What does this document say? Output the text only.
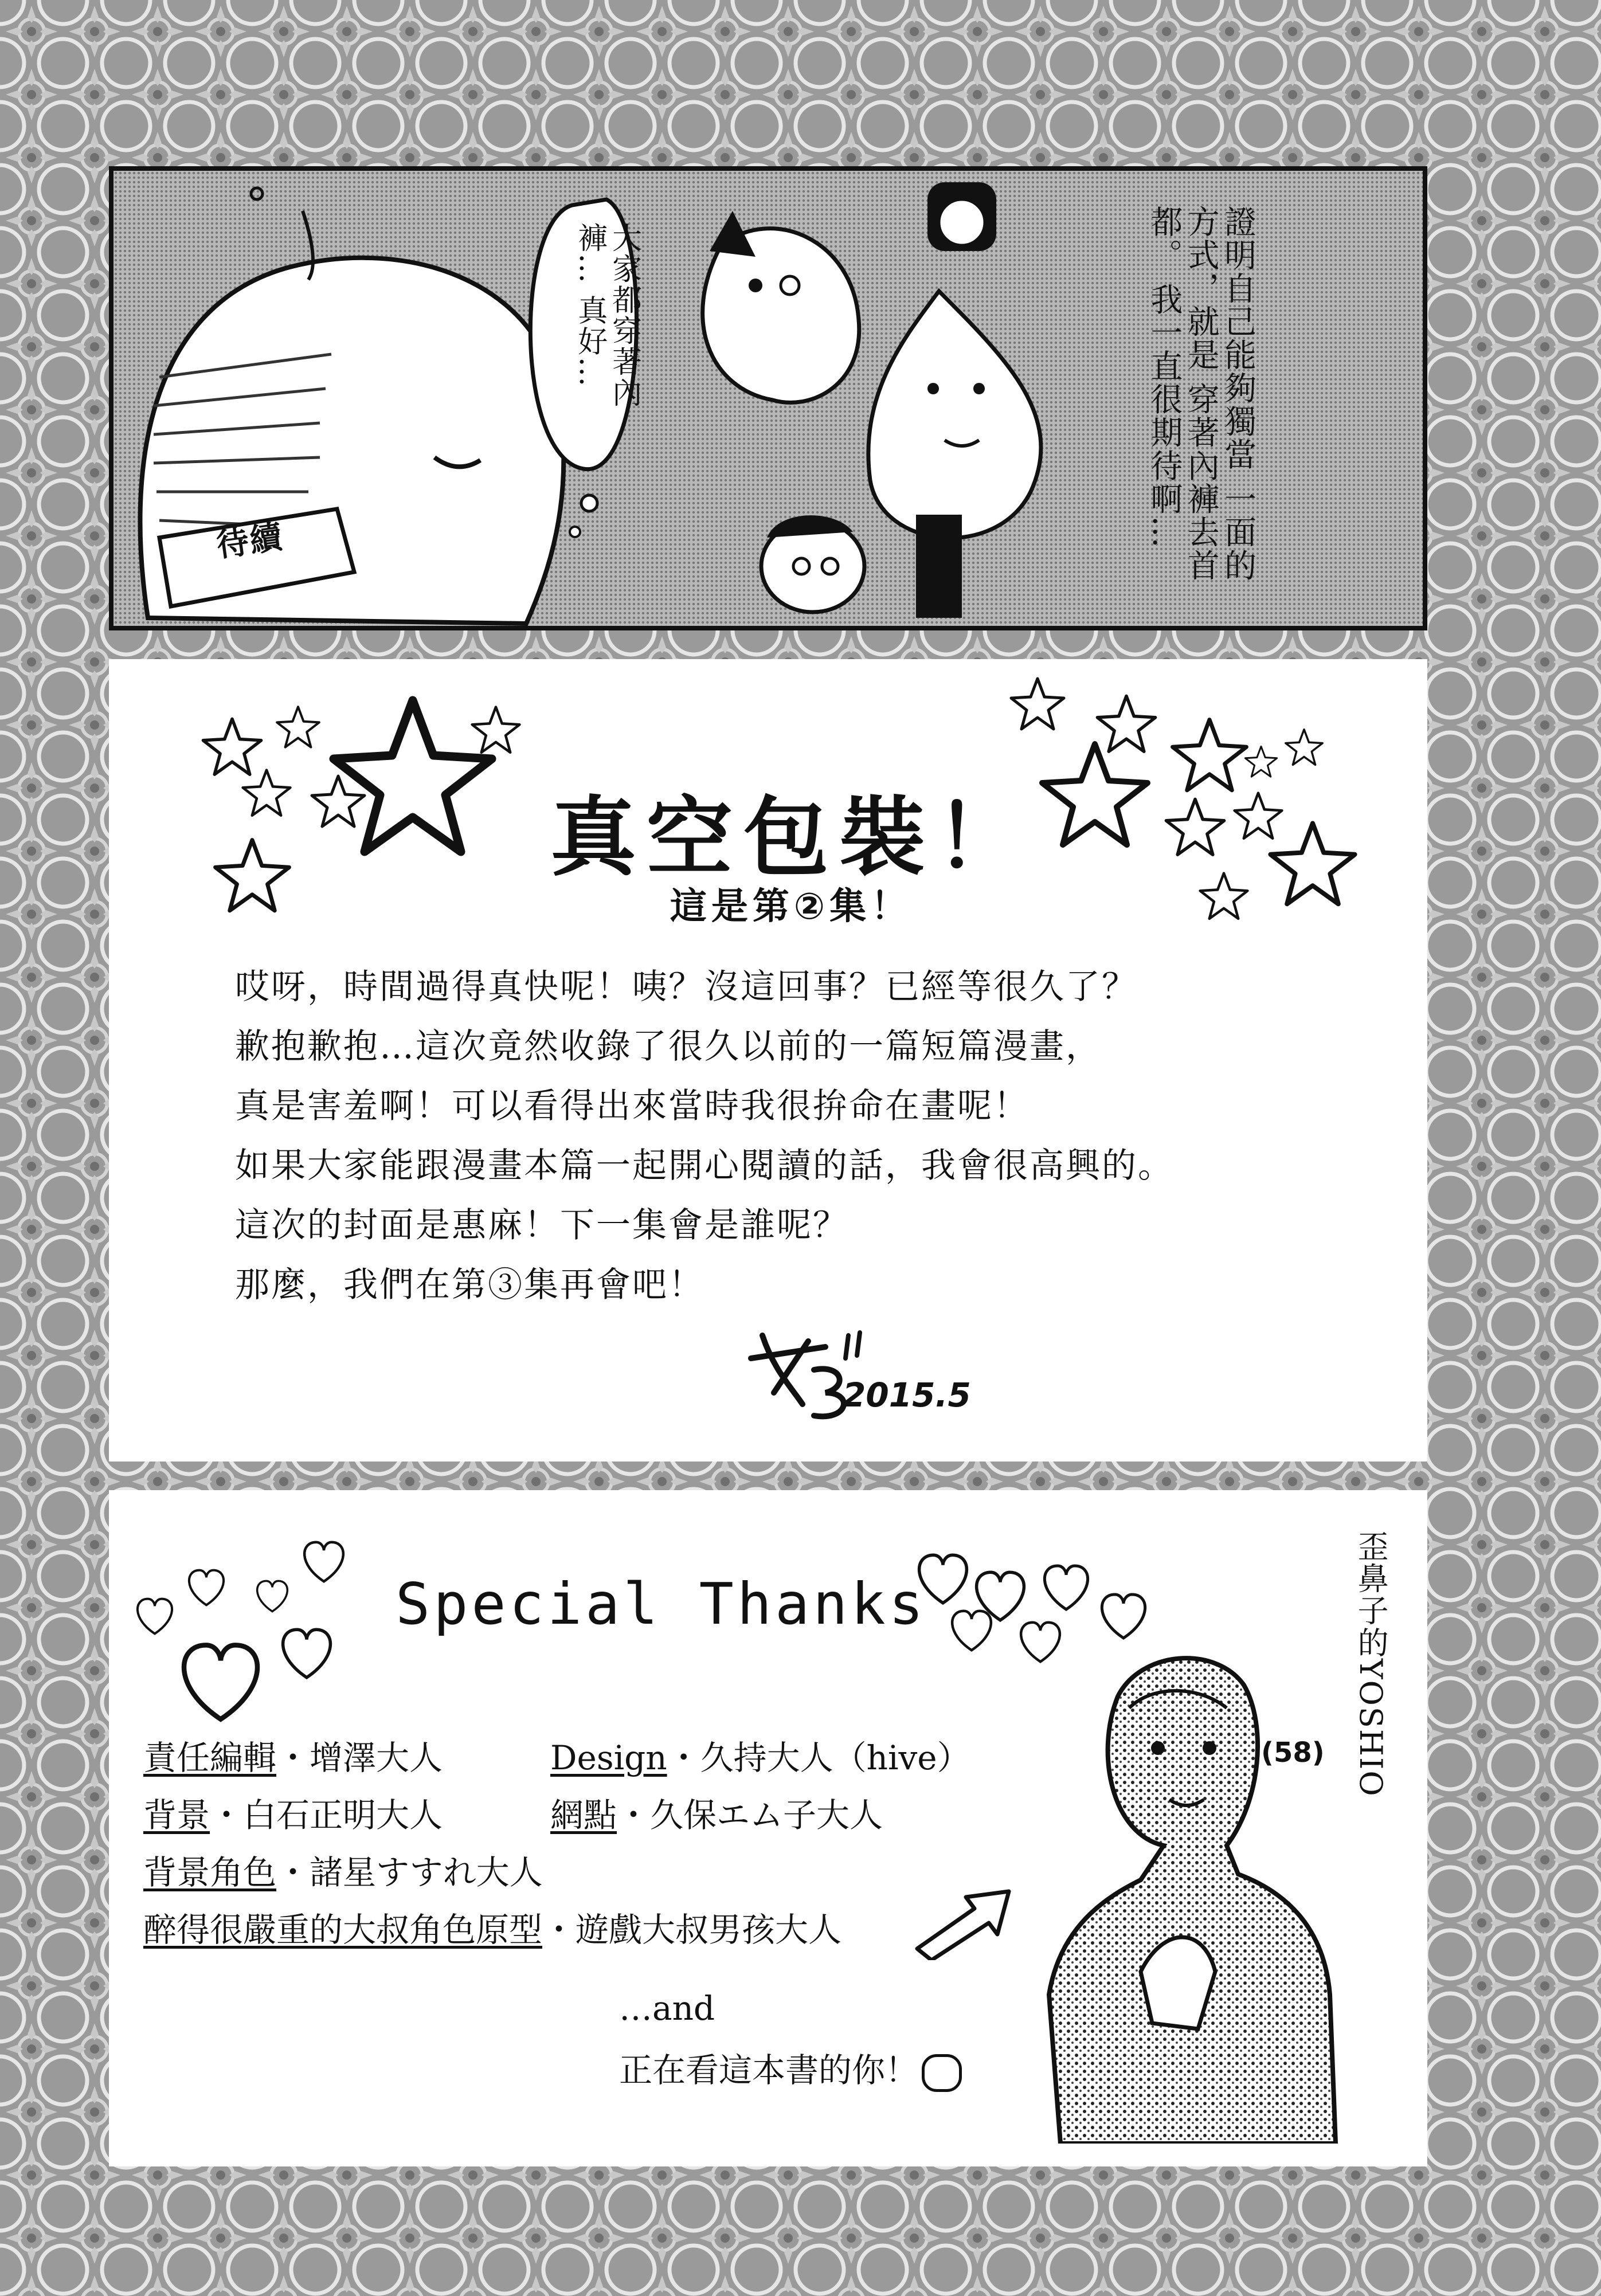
待續
大家都穿著內褲… 真好…	證明自己能夠獨當 一面的方式，就是 穿著內褲去首都。 我一直很期待啊…
真空包裝！
這是第②集！
哎呀，時間過得真快呢！咦？沒這回事？已經等很久了？
歉抱歉抱…這次竟然收錄了很久以前的一篇短篇漫畫，
真是害羞啊！可以看得出來當時我很拚命在畫呢！
如果大家能跟漫畫本篇一起開心閱讀的話，我會很高興的。
這次的封面是惠麻！下一集會是誰呢？
那麼，我們在第③集再會吧！
2015.5
Special Thanks
責任編輯・增澤大人	Design・久持大人（hive）
背景・白石正明大人	網點・久保エム子大人
背景角色・諸星すすれ大人
醉得很嚴重的大叔角色原型・遊戲大叔男孩大人
…and
正在看這本書的你！
歪鼻子的YOSHIO
(58)
